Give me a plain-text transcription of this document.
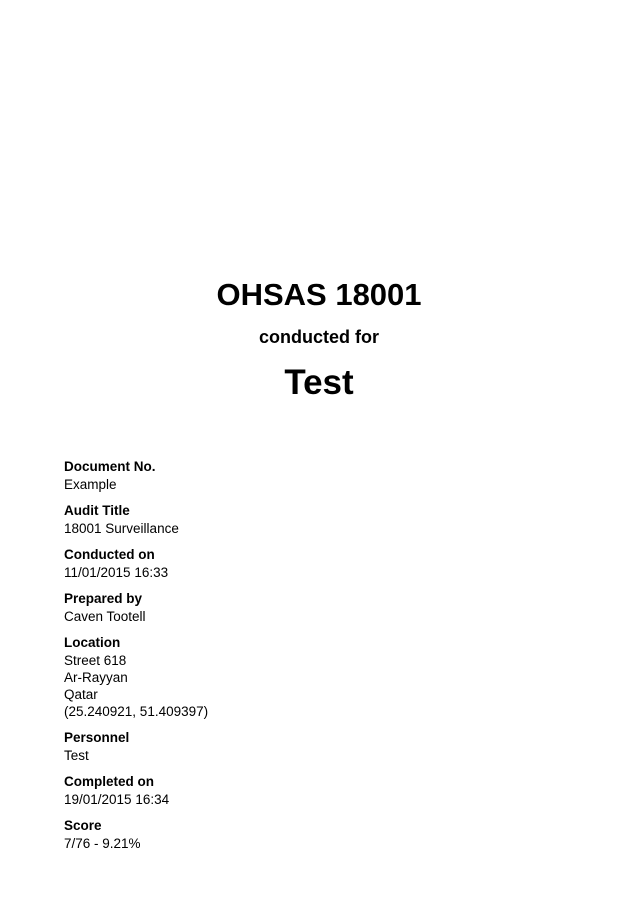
OHSAS 18001
conducted for
Test
Document No.
Example
Audit Title
18001 Surveillance
Conducted on
11/01/2015 16:33
Prepared by
Caven Tootell
Location
Street 618
Ar-Rayyan
Qatar
(25.240921, 51.409397)
Personnel
Test
Completed on
19/01/2015 16:34
Score
7/76 - 9.21%
